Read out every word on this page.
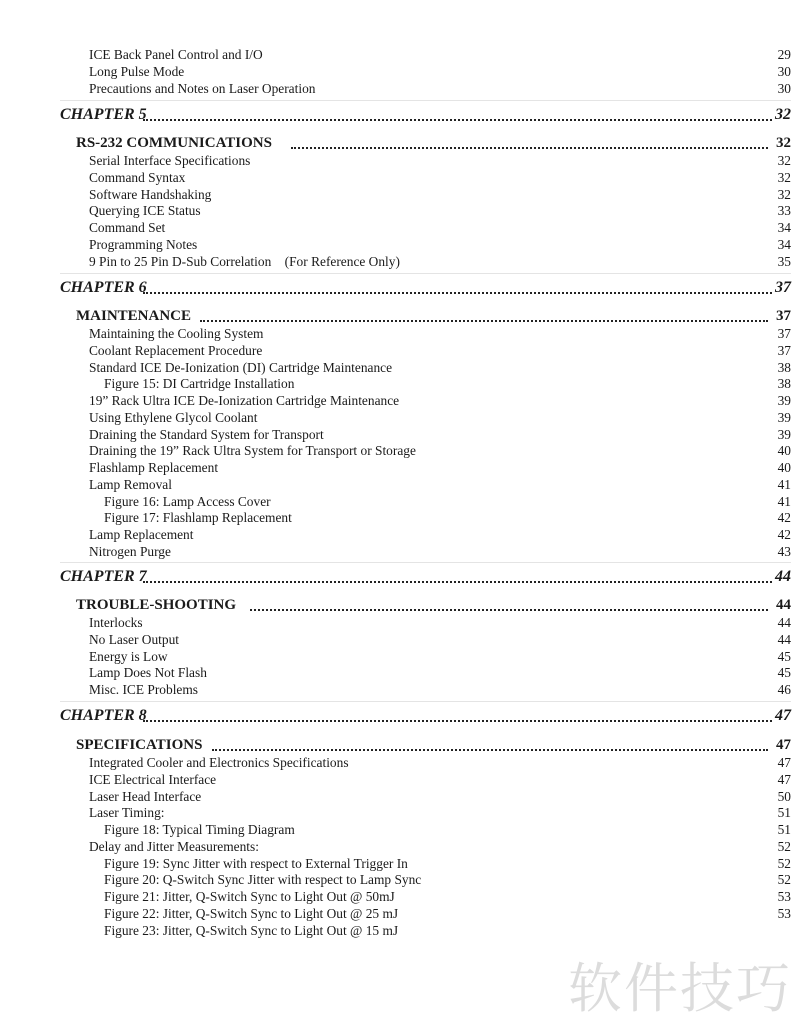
ICE Back Panel Control and I/O	29
Long Pulse Mode	30
Precautions and Notes on Laser Operation	30
CHAPTER 5	32
RS-232 COMMUNICATIONS	32
Serial Interface Specifications	32
Command Syntax	32
Software Handshaking	32
Querying ICE Status	33
Command Set	34
Programming Notes	34
9 Pin to 25 Pin D-Sub Correlation    (For Reference Only)	35
CHAPTER 6	37
MAINTENANCE	37
Maintaining the Cooling System	37
Coolant Replacement Procedure	37
Standard ICE De-Ionization (DI) Cartridge Maintenance	38
Figure 15: DI Cartridge Installation	38
19” Rack Ultra ICE De-Ionization Cartridge Maintenance	39
Using Ethylene Glycol Coolant	39
Draining the Standard System for Transport	39
Draining the 19” Rack Ultra System for Transport or Storage	40
Flashlamp Replacement	40
Lamp Removal	41
Figure 16: Lamp Access Cover	41
Figure 17: Flashlamp Replacement	42
Lamp Replacement	42
Nitrogen Purge	43
CHAPTER 7	44
TROUBLE-SHOOTING	44
Interlocks	44
No Laser Output	44
Energy is Low	45
Lamp Does Not Flash	45
Misc. ICE Problems	46
CHAPTER 8	47
SPECIFICATIONS	47
Integrated Cooler and Electronics Specifications	47
ICE Electrical Interface	47
Laser Head Interface	50
Laser Timing:	51
Figure 18: Typical Timing Diagram	51
Delay and Jitter Measurements:	52
Figure 19: Sync Jitter with respect to External Trigger In	52
Figure 20: Q-Switch Sync Jitter with respect to Lamp Sync	52
Figure 21: Jitter, Q-Switch Sync to Light Out @ 50mJ	53
Figure 22: Jitter, Q-Switch Sync to Light Out @ 25 mJ	53
Figure 23: Jitter, Q-Switch Sync to Light Out @ 15 mJ
软件技巧
